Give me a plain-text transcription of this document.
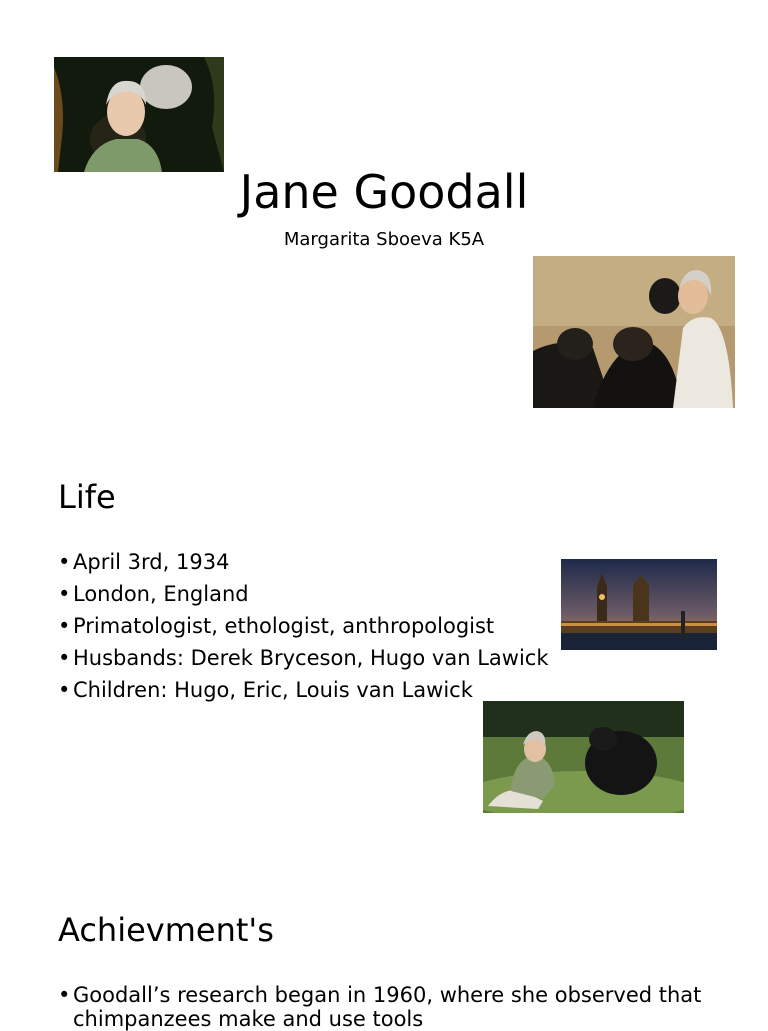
Jane Goodall
Margarita Sboeva K5A
Life
• April 3rd, 1934
• London, England
• Primatologist, ethologist, anthropologist
• Husbands: Derek Bryceson, Hugo van Lawick
• Children: Hugo, Eric, Louis van Lawick
Achievment's
• Goodall’s research began in 1960, where she observed that chimpanzees make and use tools
